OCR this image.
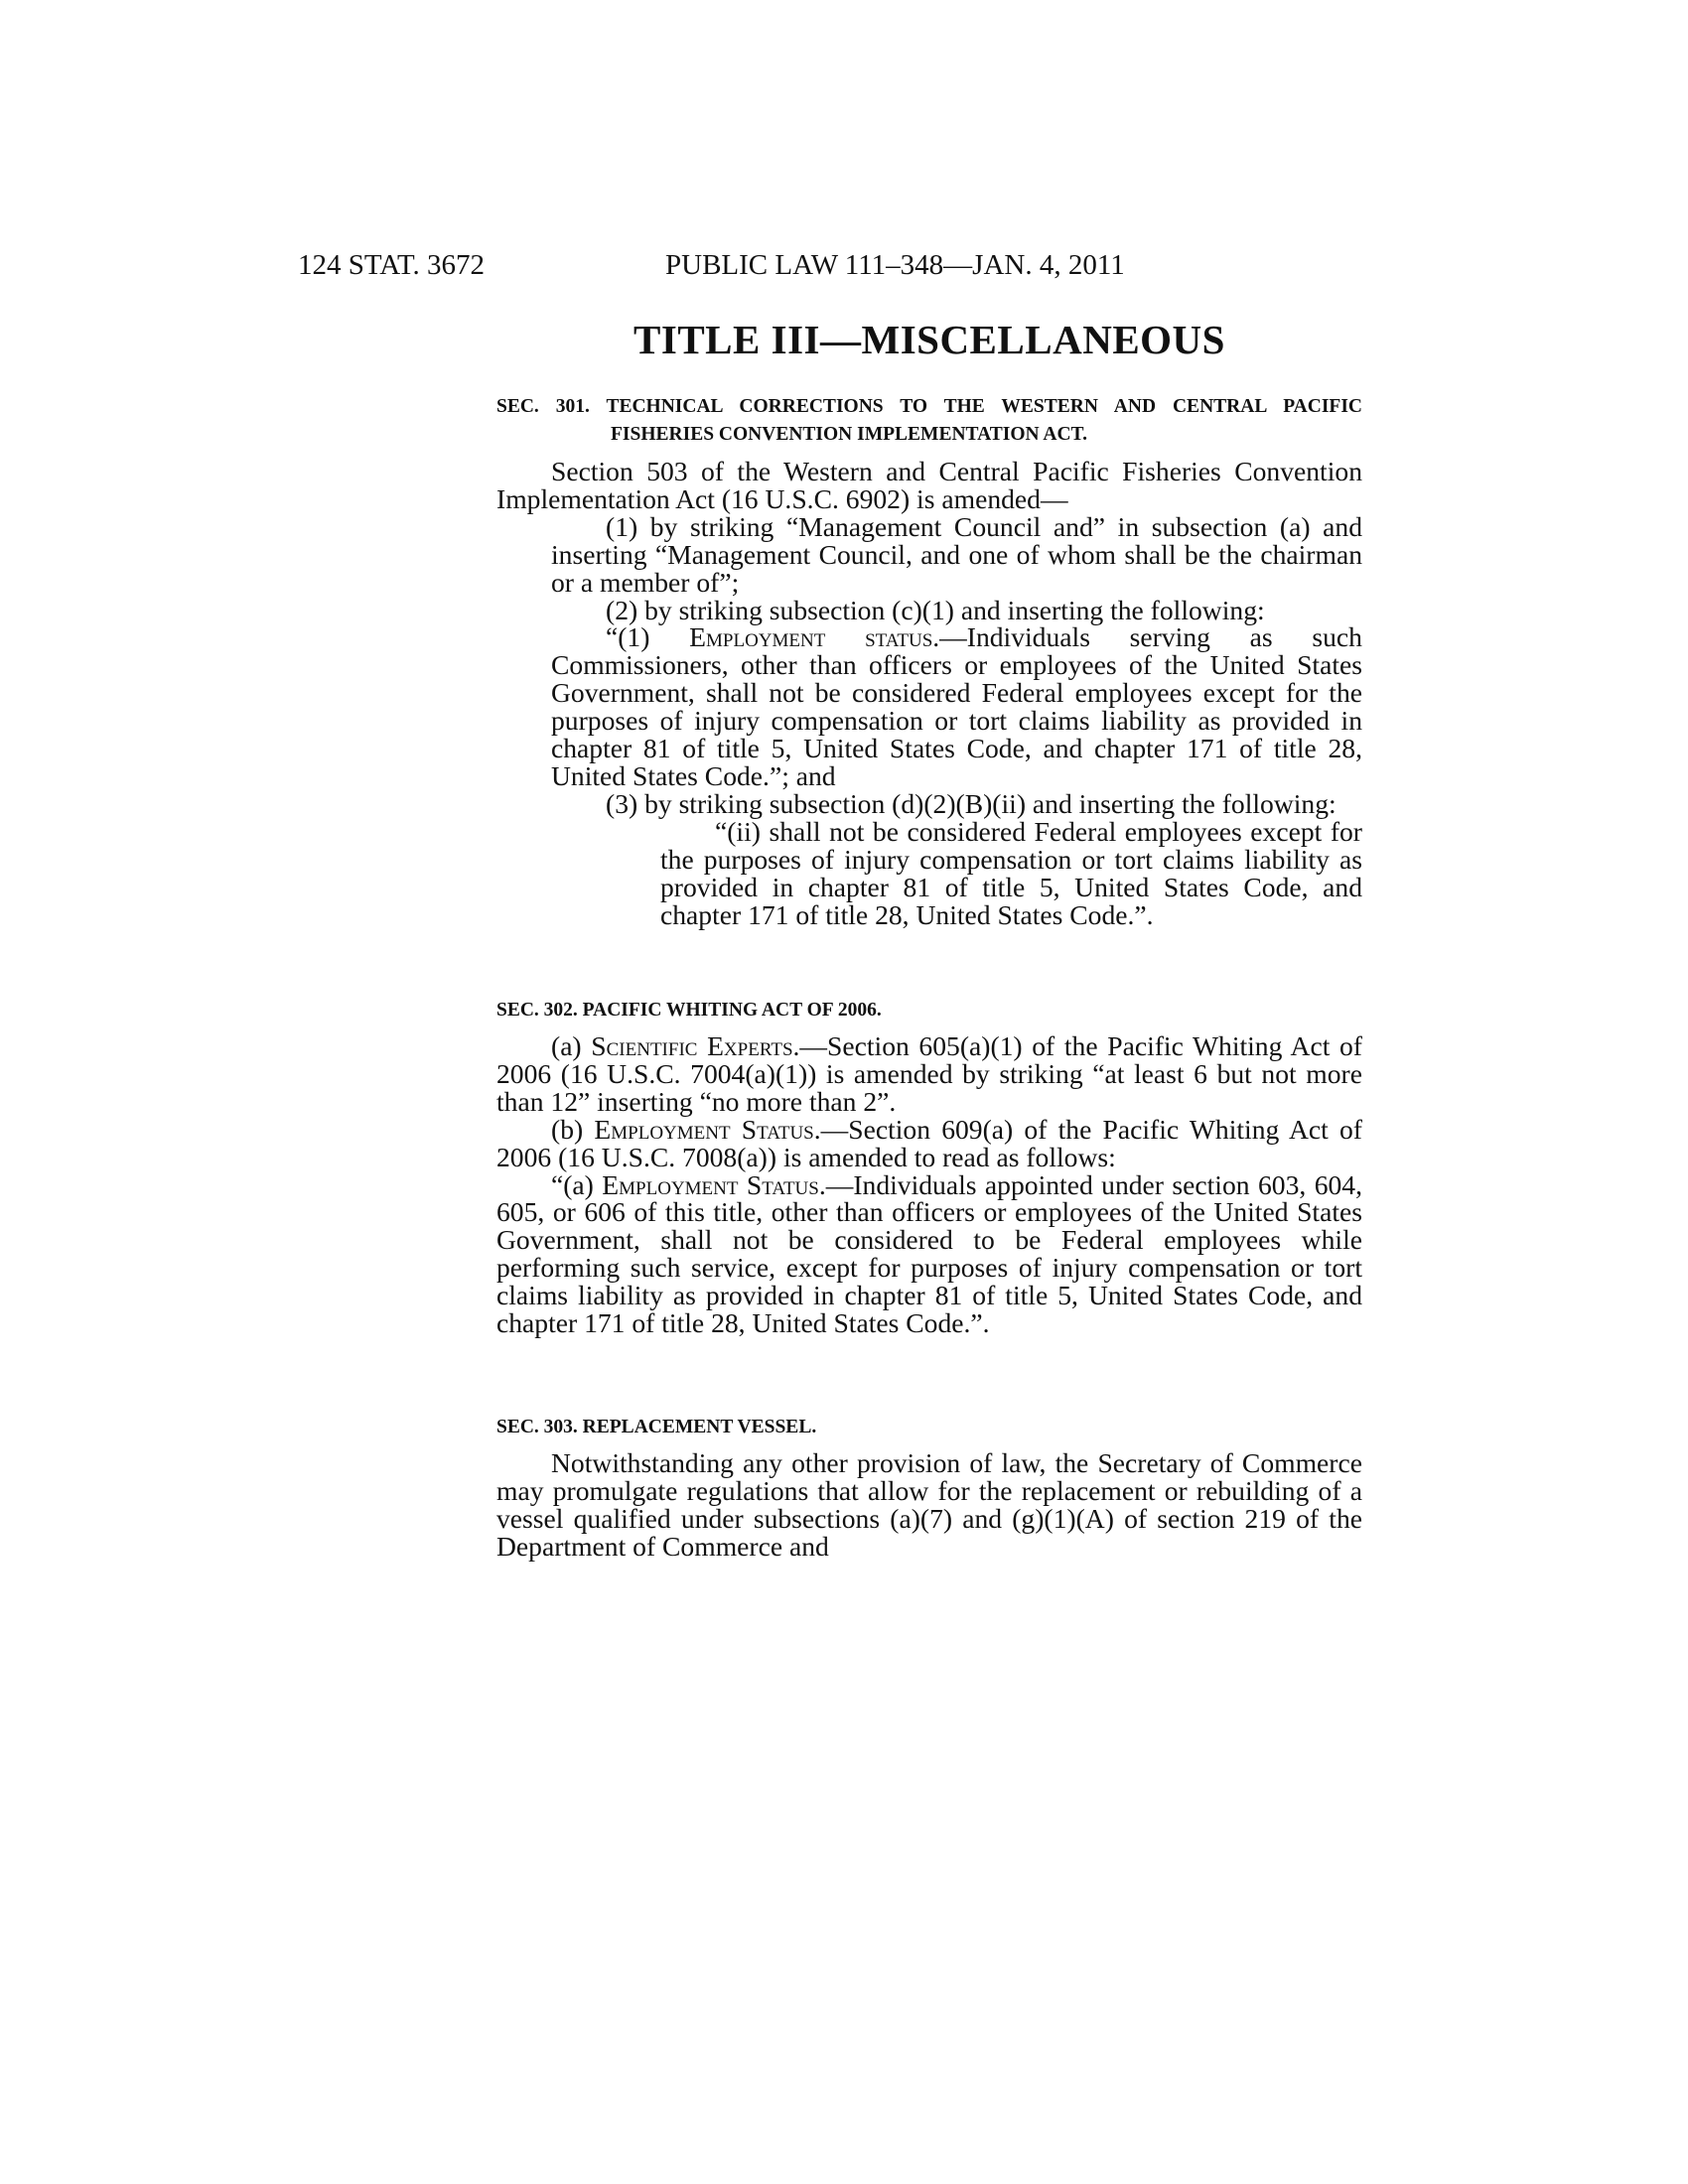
124 STAT. 3672	PUBLIC LAW 111–348—JAN. 4, 2011
TITLE III—MISCELLANEOUS
SEC. 301. TECHNICAL CORRECTIONS TO THE WESTERN AND CENTRAL PACIFIC FISHERIES CONVENTION IMPLEMENTATION ACT.

Section 503 of the Western and Central Pacific Fisheries Convention Implementation Act (16 U.S.C. 6902) is amended—

(1) by striking “Management Council and” in subsection (a) and inserting “Management Council, and one of whom shall be the chairman or a member of”;

(2) by striking subsection (c)(1) and inserting the following:

“(1) Employment status.—Individuals serving as such Commissioners, other than officers or employees of the United States Government, shall not be considered Federal employees except for the purposes of injury compensation or tort claims liability as provided in chapter 81 of title 5, United States Code, and chapter 171 of title 28, United States Code.”; and

(3) by striking subsection (d)(2)(B)(ii) and inserting the following:

“(ii) shall not be considered Federal employees except for the purposes of injury compensation or tort claims liability as provided in chapter 81 of title 5, United States Code, and chapter 171 of title 28, United States Code.”.

SEC. 302. PACIFIC WHITING ACT OF 2006.

(a) Scientific Experts.—Section 605(a)(1) of the Pacific Whiting Act of 2006 (16 U.S.C. 7004(a)(1)) is amended by striking “at least 6 but not more than 12” inserting “no more than 2”.

(b) Employment Status.—Section 609(a) of the Pacific Whiting Act of 2006 (16 U.S.C. 7008(a)) is amended to read as follows:

“(a) Employment Status.—Individuals appointed under section 603, 604, 605, or 606 of this title, other than officers or employees of the United States Government, shall not be considered to be Federal employees while performing such service, except for purposes of injury compensation or tort claims liability as provided in chapter 81 of title 5, United States Code, and chapter 171 of title 28, United States Code.”.

SEC. 303. REPLACEMENT VESSEL.

Notwithstanding any other provision of law, the Secretary of Commerce may promulgate regulations that allow for the replacement or rebuilding of a vessel qualified under subsections (a)(7) and (g)(1)(A) of section 219 of the Department of Commerce and
